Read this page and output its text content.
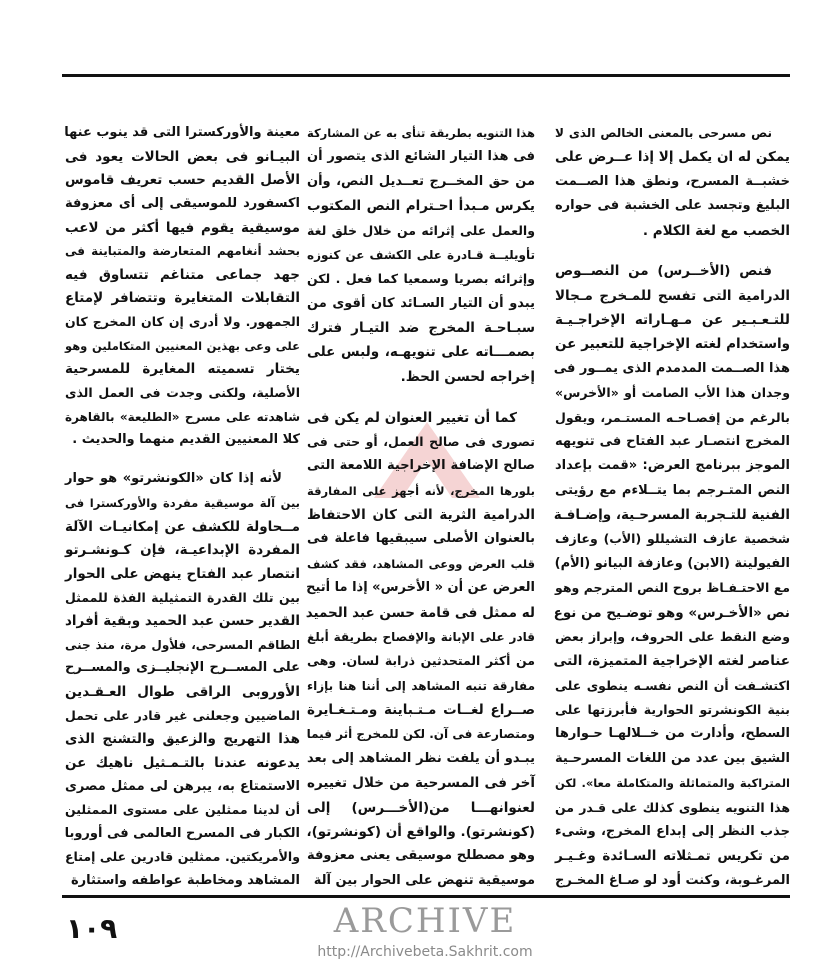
نص مسرحى بالمعنى الخالص الذى لا
يمكن له ان يكمل إلا إذا عــرض على
خشبــة المسرح، ونطق هذا الصــمت
البليغ وتجسد على الخشبة فى حواره
الخصب مع لغة الكلام .
فنص (الأخــرس) من النصــوص
الدرامية التى تفسح للمـخرج مـجالا
للتـعـبـير عن مـهـاراته الإخراجـيـة
واستخدام لغته الإخراجية للتعبير عن
هذا الصــمت المدمدم الذى يمــور فى
وجدان هذا الأب الصامت أو «الأخرس»
بالرغم من إفصـاحـه المستـمر، ويقول
المخرج انتصـار عبد الفتاح فى تنويهه
الموجز ببرنامج العرض: «قمت بإعداد
النص المتـرجم بما يتــلاءم مع رؤيتى
الفنية للتـجربة المسرحـية، وإضـافـة
شخصية عازف التشيللو (الأب) وعازف
الفيولينة (الابن) وعازفة البيانو (الأم)
مع الاحتـفـاظ بروح النص المترجم وهو
نص «الأخـرس» وهو توضـيح من نوع
وضع النقط على الحروف، وإبراز بعض
عناصر لغته الإخراجية المتميزة، التى
اكتشـفت أن النص نفسـه ينطوى على
بنية الكونشرتو الحوارية فأبرزتها على
السطح، وأدارت من خــلالهـا حـوارها
الشيق بين عدد من اللغات المسرحـية
المتراكبة والمتماثلة والمتكاملة معا». لكن
هذا التنويه ينطوى كذلك على قـدر من
جذب النظر إلى إبداع المخرج، وشىء
من تكريس تمـثلاته السـائدة وغـيـر
المرغـوبة، وكنت أود لو صـاغ المخـرج
هذا التنويه بطريقة تنأى به عن المشاركة
فى هذا التيار الشائع الذى يتصور أن
من حق المخــرج تعــديل النص، وأن
يكرس مـبدأ احـترام النص المكتوب
والعمل على إثرائه من خلال خلق لغة
تأويليــة قـادرة على الكشف عن كنوزه
وإثرائه بصريا وسمعيا كما فعل . لكن
يبدو أن التيار السـائد كان أقوى من
سبـاحـة المخرج ضد التيـار فترك
بصمـــاته على تنويهـه، ولبس على
إخراجه لحسن الحظ.
كما أن تغيير العنوان لم يكن فى
تصورى فى صالح العمل، أو حتى فى
صالح الإضافة الإخراجية اللامعة التى
بلورها المخرج، لأنه أجهز على المفارقة
الدرامية الثرية التى كان الاحتفاظ
بالعنوان الأصلى سيبقيها فاعلة فى
قلب العرض ووعى المشاهد، فقد كشف
العرض عن أن « الأخرس» إذا ما أتيح
له ممثل فى قامة حسن عبد الحميد
قادر على الإبانة والإفصاح بطريقة أبلغ
من أكثر المتحدثين ذرابة لسان. وهى
مفارقة تنبه المشاهد إلى أننا هنا بإزاء
صــراع لغــات مـتـباينة ومـتـغـايرة
ومتصارعة فى آن. لكن للمخرج أثر فيما
يبـدو أن يلفت نظر المشاهد إلى بعد
آخر فى المسرحية من خلال تغييره
لعنوانهـــا من(الأخـــرس) إلى
(كونشرتو). والواقع أن (كونشرتو)،
وهو مصطلح موسيقى يعنى معزوفة
موسيقية تنهض على الحوار بين آلة
معينة والأوركسترا التى قد ينوب عنها
البيـانو فى بعض الحالات يعود فى
الأصل القديم حسب تعريف قاموس
اكسفورد للموسيقى إلى أى معزوفة
موسيقية يقوم فيها أكثر من لاعب
بحشد أنغامهم المتعارضة والمتباينة فى
جهد جماعى متناغم تتساوق فيه
التقابلات المتغايرة وتتضافر لإمتاع
الجمهور. ولا أدرى إن كان المخرج كان
على وعى بهذين المعنيين المتكاملين وهو
يختار تسميته المغايرة للمسرحية
الأصلية، ولكنى وجدت فى العمل الذى
شاهدته على مسرح «الطليعة» بالقاهرة
كلا المعنيين القديم منهما والحديث .
لأنه إذا كان «الكونشرتو» هو حوار
بين آلة موسيقية مفردة والأوركسترا فى
مــحاولة للكشف عن إمكانيـات الآلة
المفردة الإبداعيـة، فإن كـونشـرتو
انتصار عبد الفتاح ينهض على الحوار
بين تلك القدرة التمثيلية الفذة للممثل
القدير حسن عبد الحميد وبقية أفراد
الطاقم المسرحى، فلأول مرة، منذ جنى
على المســرح الإنجليــزى والمســرح
الأوروبى الراقى طوال العـقـدين
الماضيين وجعلنى غير قادر على تحمل
هذا التهريج والزعيق والتشنج الذى
يدعونه عندنا بالتـمـثيل ناهيك عن
الاستمتاع به، يبرهن لى ممثل مصرى
أن لدينا ممثلين على مستوى الممثلين
الكبار فى المسرح العالمى فى أوروبا
والأمريكتين. ممثلين قادرين على إمتاع
المشاهد ومخاطبة عواطفه واستثارة
١٠٩	ARCHIVE
http://Archivebeta.Sakhrit.com
